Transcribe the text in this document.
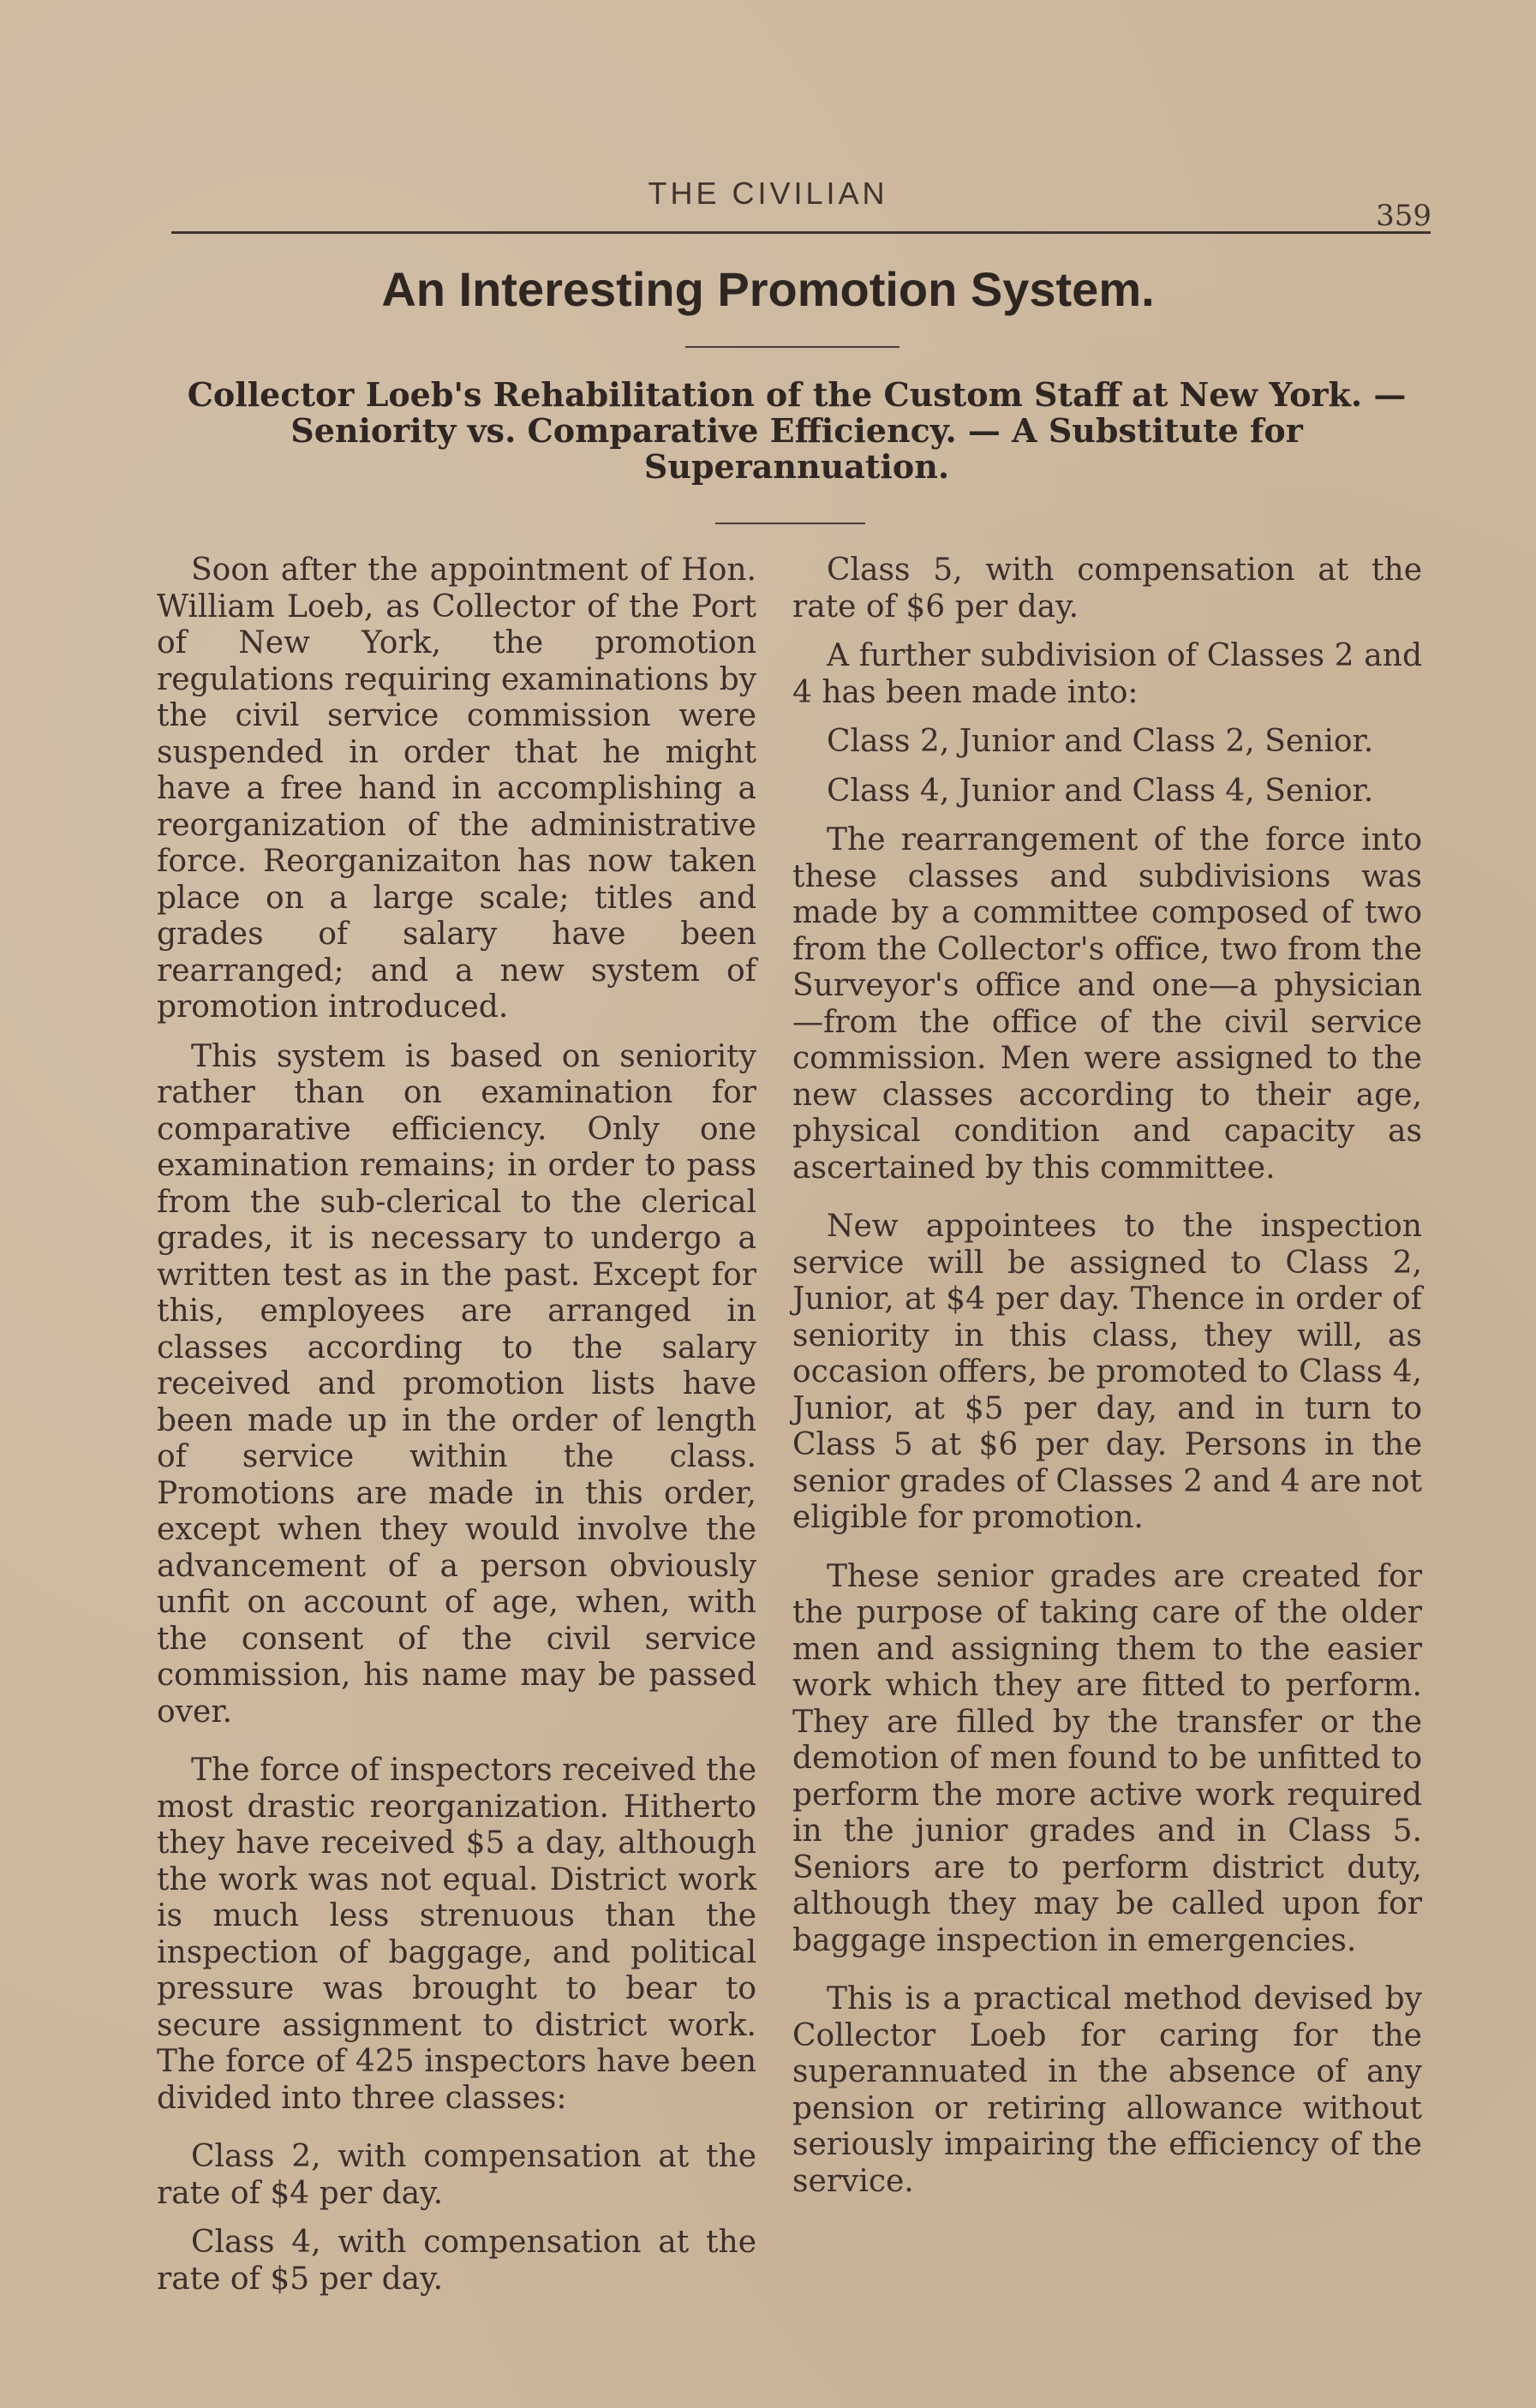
THE CIVILIAN
359
An Interesting Promotion System.
Collector Loeb's Rehabilitation of the Custom Staff at New York. — Seniority vs. Comparative Efficiency. — A Substitute for Superannuation.

Soon after the appointment of Hon. William Loeb, as Collector of the Port of New York, the promotion regulations requiring examinations by the civil service commission were suspended in order that he might have a free hand in accomplishing a reorganization of the administrative force. Reorganizaiton has now taken place on a large scale; titles and grades of salary have been rearranged; and a new system of promotion introduced.

This system is based on seniority rather than on examination for comparative efficiency. Only one examination remains; in order to pass from the sub-clerical to the clerical grades, it is necessary to undergo a written test as in the past. Except for this, employees are arranged in classes according to the salary received and promotion lists have been made up in the order of length of service within the class. Promotions are made in this order, except when they would involve the advancement of a person obviously unfit on account of age, when, with the consent of the civil service commission, his name may be passed over.

The force of inspectors received the most drastic reorganization. Hitherto they have received $5 a day, although the work was not equal. District work is much less strenuous than the inspection of baggage, and political pressure was brought to bear to secure assignment to district work. The force of 425 inspectors have been divided into three classes:

Class 2, with compensation at the rate of $4 per day.

Class 4, with compensation at the rate of $5 per day.

Class 5, with compensation at the rate of $6 per day.

A further subdivision of Classes 2 and 4 has been made into:

Class 2, Junior and Class 2, Senior.

Class 4, Junior and Class 4, Senior.

The rearrangement of the force into these classes and subdivisions was made by a committee composed of two from the Collector's office, two from the Surveyor's office and one—a physician—from the office of the civil service commission. Men were assigned to the new classes according to their age, physical condition and capacity as ascertained by this committee.

New appointees to the inspection service will be assigned to Class 2, Junior, at $4 per day. Thence in order of seniority in this class, they will, as occasion offers, be promoted to Class 4, Junior, at $5 per day, and in turn to Class 5 at $6 per day. Persons in the senior grades of Classes 2 and 4 are not eligible for promotion.

These senior grades are created for the purpose of taking care of the older men and assigning them to the easier work which they are fitted to perform. They are filled by the transfer or the demotion of men found to be unfitted to perform the more active work required in the junior grades and in Class 5. Seniors are to perform district duty, although they may be called upon for baggage inspection in emergencies.

This is a practical method devised by Collector Loeb for caring for the superannuated in the absence of any pension or retiring allowance without seriously impairing the efficiency of the service.
